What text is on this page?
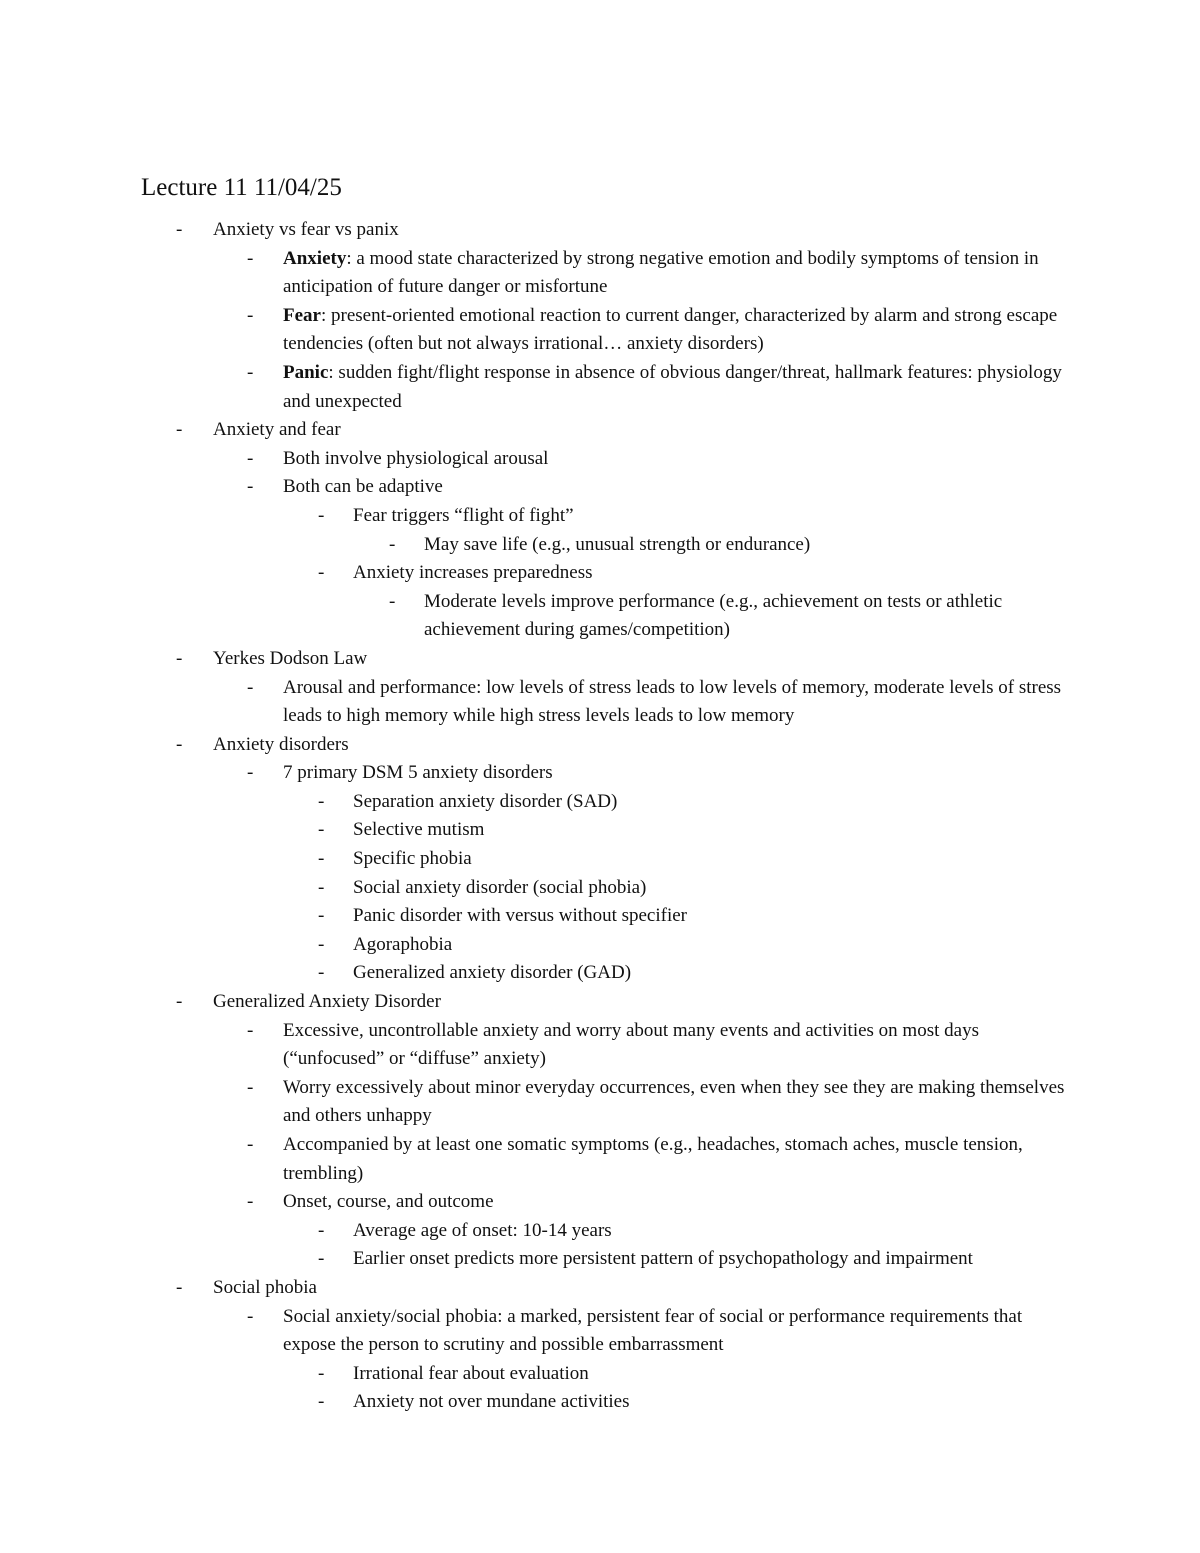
Lecture 11 11/04/25
- Anxiety vs fear vs panix
- Anxiety: a mood state characterized by strong negative emotion and bodily symptoms of tension in anticipation of future danger or misfortune
- Fear: present-oriented emotional reaction to current danger, characterized by alarm and strong escape tendencies (often but not always irrational… anxiety disorders)
- Panic: sudden fight/flight response in absence of obvious danger/threat, hallmark features: physiology and unexpected
- Anxiety and fear
- Both involve physiological arousal
- Both can be adaptive
- Fear triggers “flight of fight”
- May save life (e.g., unusual strength or endurance)
- Anxiety increases preparedness
- Moderate levels improve performance (e.g., achievement on tests or athletic achievement during games/competition)
- Yerkes Dodson Law
- Arousal and performance: low levels of stress leads to low levels of memory, moderate levels of stress leads to high memory while high stress levels leads to low memory
- Anxiety disorders
- 7 primary DSM 5 anxiety disorders
- Separation anxiety disorder (SAD)
- Selective mutism
- Specific phobia
- Social anxiety disorder (social phobia)
- Panic disorder with versus without specifier
- Agoraphobia
- Generalized anxiety disorder (GAD)
- Generalized Anxiety Disorder
- Excessive, uncontrollable anxiety and worry about many events and activities on most days (“unfocused” or “diffuse” anxiety)
- Worry excessively about minor everyday occurrences, even when they see they are making themselves and others unhappy
- Accompanied by at least one somatic symptoms (e.g., headaches, stomach aches, muscle tension, trembling)
- Onset, course, and outcome
- Average age of onset: 10-14 years
- Earlier onset predicts more persistent pattern of psychopathology and impairment
- Social phobia
- Social anxiety/social phobia: a marked, persistent fear of social or performance requirements that expose the person to scrutiny and possible embarrassment
- Irrational fear about evaluation
- Anxiety not over mundane activities
